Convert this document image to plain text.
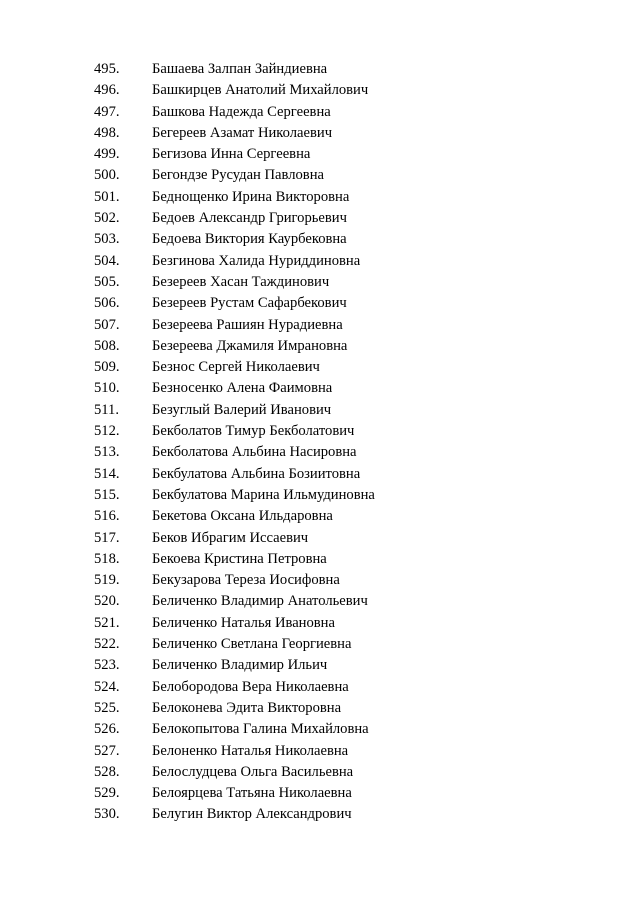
495.	Башаева Залпан Зайндиевна
496.	Башкирцев Анатолий Михайлович
497.	Башкова Надежда Сергеевна
498.	Бегереев Азамат Николаевич
499.	Бегизова Инна Сергеевна
500.	Бегондзе Русудан Павловна
501.	Беднощенко Ирина Викторовна
502.	Бедоев Александр Григорьевич
503.	Бедоева Виктория Каурбековна
504.	Безгинова Халида Нуриддиновна
505.	Безереев Хасан Таждинович
506.	Безереев Рустам Сафарбекович
507.	Безереева Рашиян Нурадиевна
508.	Безереева Джамиля Имрановна
509.	Безнос Сергей Николаевич
510.	Безносенко Алена Фаимовна
511.	Безуглый Валерий Иванович
512.	Бекболатов Тимур Бекболатович
513.	Бекболатова Альбина Насировна
514.	Бекбулатова Альбина Бозиитовна
515.	Бекбулатова Марина Ильмудиновна
516.	Бекетова Оксана Ильдаровна
517.	Беков Ибрагим Иссаевич
518.	Бекоева Кристина Петровна
519.	Бекузарова Тереза Иосифовна
520.	Беличенко Владимир Анатольевич
521.	Беличенко Наталья Ивановна
522.	Беличенко Светлана Георгиевна
523.	Беличенко Владимир Ильич
524.	Белобородова Вера Николаевна
525.	Белоконева Эдита Викторовна
526.	Белокопытова Галина Михайловна
527.	Белоненко Наталья Николаевна
528.	Белослудцева Ольга Васильевна
529.	Белоярцева Татьяна Николаевна
530.	Белугин Виктор Александрович
